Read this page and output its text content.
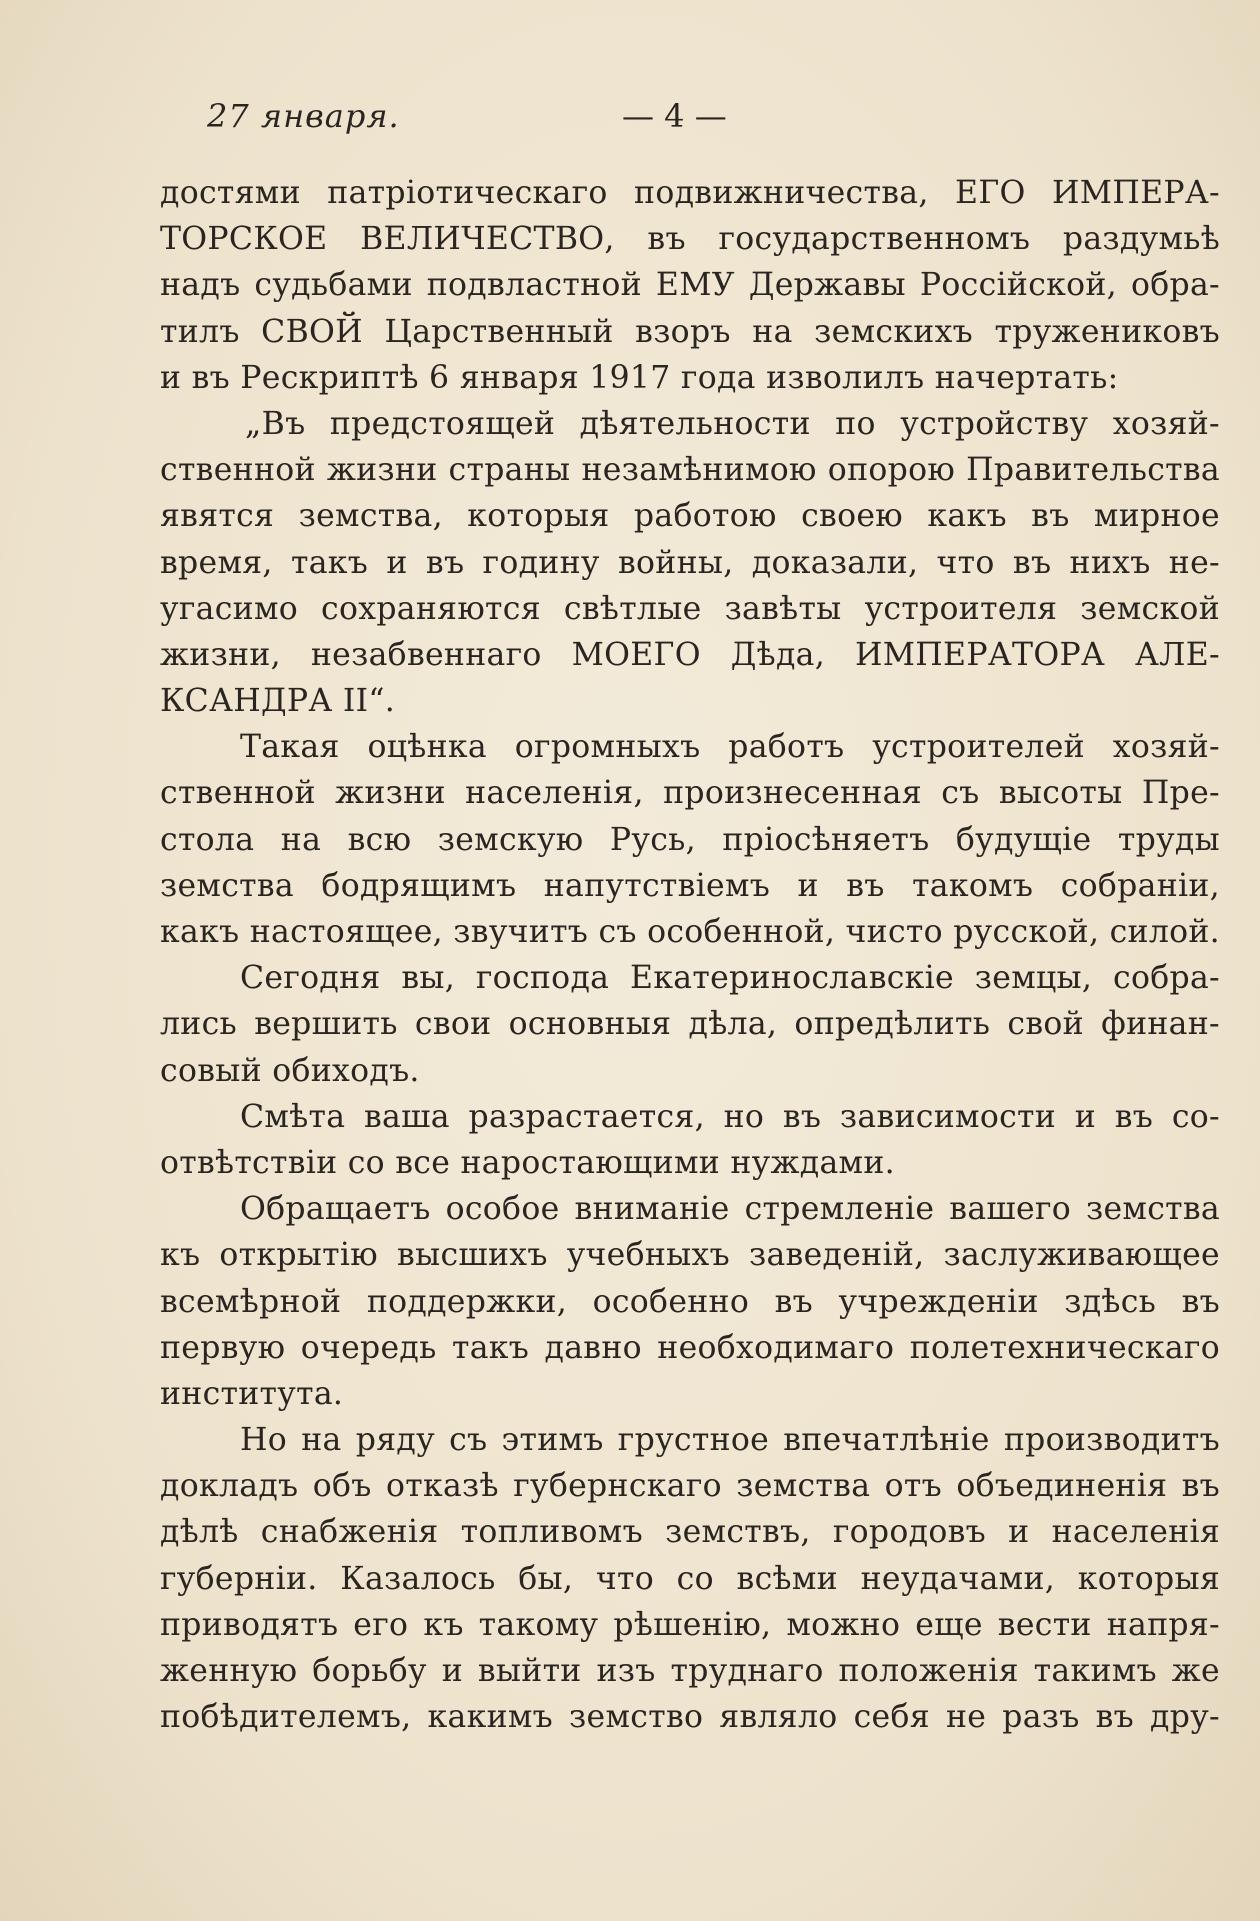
27 января.	— 4 —
достями патріотическаго подвижничества, ЕГО ИМПЕРА-
ТОРСКОЕ ВЕЛИЧЕСТВО, въ государственномъ раздумьѣ
надъ судьбами подвластной ЕМУ Державы Россійской, обра-
тилъ СВОЙ Царственный взоръ на земскихъ тружениковъ
и въ Рескриптѣ 6 января 1917 года изволилъ начертать:
„Въ предстоящей дѣятельности по устройству хозяй-
ственной жизни страны незамѣнимою опорою Правительства
явятся земства, которыя работою своею какъ въ мирное
время, такъ и въ годину войны, доказали, что въ нихъ не-
угасимо сохраняются свѣтлые завѣты устроителя земской
жизни, незабвеннаго МОЕГО Дѣда, ИМПЕРАТОРА АЛЕ-
КСАНДРА II“.
Такая оцѣнка огромныхъ работъ устроителей хозяй-
ственной жизни населенія, произнесенная съ высоты Пре-
стола на всю земскую Русь, пріосѣняетъ будущіе труды
земства бодрящимъ напутствіемъ и въ такомъ собраніи,
какъ настоящее, звучитъ съ особенной, чисто русской, силой.
Сегодня вы, господа Екатеринославскіе земцы, собра-
лись вершить свои основныя дѣла, опредѣлить свой финан-
совый обиходъ.
Смѣта ваша разрастается, но въ зависимости и въ со-
отвѣтствіи со все наростающими нуждами.
Обращаетъ особое вниманіе стремленіе вашего земства
къ открытію высшихъ учебныхъ заведеній, заслуживающее
всемѣрной поддержки, особенно въ учрежденіи здѣсь въ
первую очередь такъ давно необходимаго полетехническаго
института.
Но на ряду съ этимъ грустное впечатлѣніе производитъ
докладъ объ отказѣ губернскаго земства отъ объединенія въ
дѣлѣ снабженія топливомъ земствъ, городовъ и населенія
губерніи. Казалось бы, что со всѣми неудачами, которыя
приводятъ его къ такому рѣшенію, можно еще вести напря-
женную борьбу и выйти изъ труднаго положенія такимъ же
побѣдителемъ, какимъ земство являло себя не разъ въ дру-
